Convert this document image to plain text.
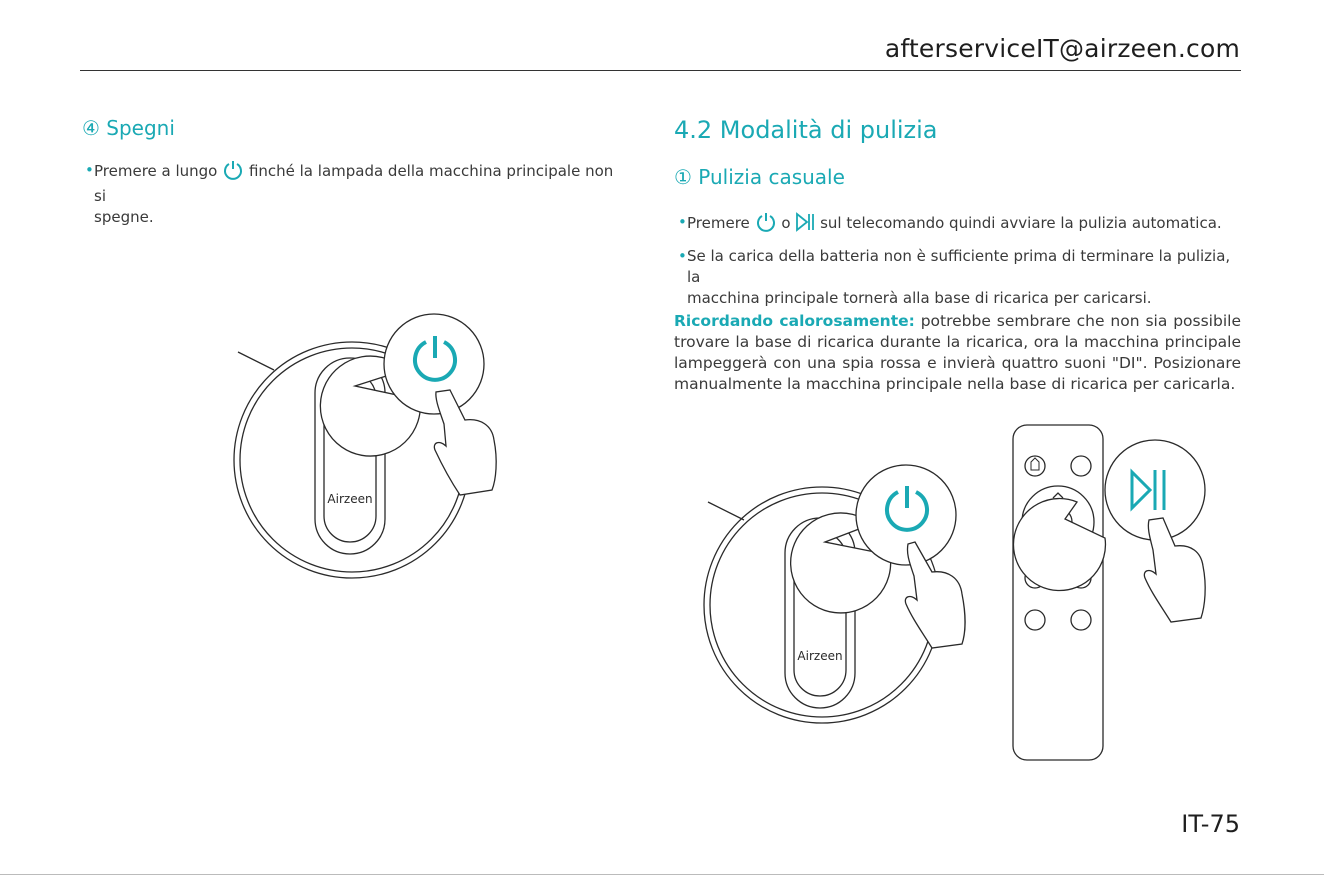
afterserviceIT@airzeen.com
④ Spegni
• Premere a lungo finché la lampada della macchina principale non si
spegne.
Airzeen
4.2 Modalità di pulizia
① Pulizia casuale
• Premere o sul telecomando quindi avviare la pulizia automatica.
• Se la carica della batteria non è sufficiente prima di terminare la pulizia, la
macchina principale tornerà alla base di ricarica per caricarsi.
Ricordando calorosamente: potrebbe sembrare che non sia possibile trovare la base di ricarica durante la ricarica, ora la macchina principale lampeggerà con una spia rossa e invierà quattro suoni "DI". Posizionare manualmente la macchina principale nella base di ricarica per caricarla.
Airzeen
IT-75
